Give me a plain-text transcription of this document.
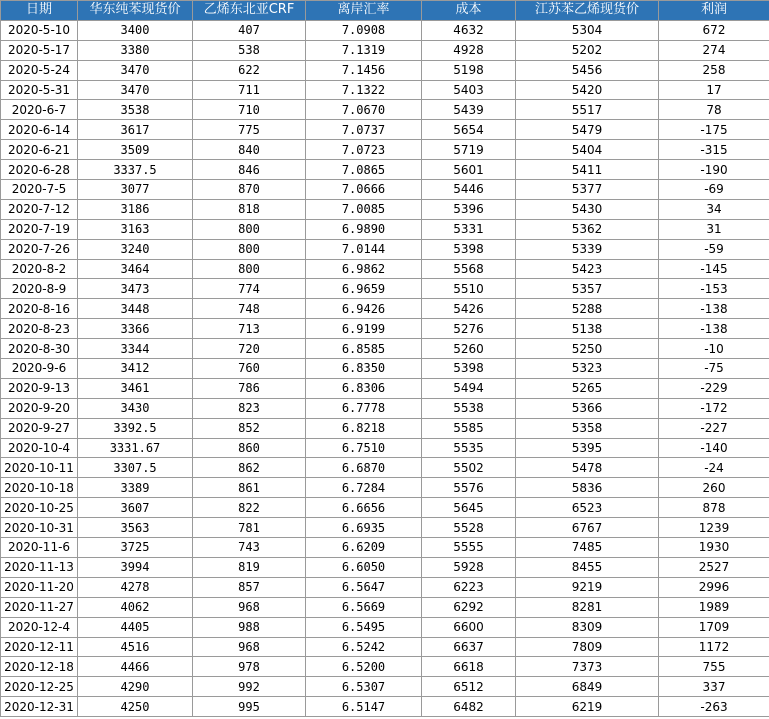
日期	华东纯苯现货价	乙烯东北亚CRF	离岸汇率	成本	江苏苯乙烯现货价	利润
2020-5-10	3400	407	7.0908	4632	5304	672
2020-5-17	3380	538	7.1319	4928	5202	274
2020-5-24	3470	622	7.1456	5198	5456	258
2020-5-31	3470	711	7.1322	5403	5420	17
2020-6-7	3538	710	7.0670	5439	5517	78
2020-6-14	3617	775	7.0737	5654	5479	-175
2020-6-21	3509	840	7.0723	5719	5404	-315
2020-6-28	3337.5	846	7.0865	5601	5411	-190
2020-7-5	3077	870	7.0666	5446	5377	-69
2020-7-12	3186	818	7.0085	5396	5430	34
2020-7-19	3163	800	6.9890	5331	5362	31
2020-7-26	3240	800	7.0144	5398	5339	-59
2020-8-2	3464	800	6.9862	5568	5423	-145
2020-8-9	3473	774	6.9659	5510	5357	-153
2020-8-16	3448	748	6.9426	5426	5288	-138
2020-8-23	3366	713	6.9199	5276	5138	-138
2020-8-30	3344	720	6.8585	5260	5250	-10
2020-9-6	3412	760	6.8350	5398	5323	-75
2020-9-13	3461	786	6.8306	5494	5265	-229
2020-9-20	3430	823	6.7778	5538	5366	-172
2020-9-27	3392.5	852	6.8218	5585	5358	-227
2020-10-4	3331.67	860	6.7510	5535	5395	-140
2020-10-11	3307.5	862	6.6870	5502	5478	-24
2020-10-18	3389	861	6.7284	5576	5836	260
2020-10-25	3607	822	6.6656	5645	6523	878
2020-10-31	3563	781	6.6935	5528	6767	1239
2020-11-6	3725	743	6.6209	5555	7485	1930
2020-11-13	3994	819	6.6050	5928	8455	2527
2020-11-20	4278	857	6.5647	6223	9219	2996
2020-11-27	4062	968	6.5669	6292	8281	1989
2020-12-4	4405	988	6.5495	6600	8309	1709
2020-12-11	4516	968	6.5242	6637	7809	1172
2020-12-18	4466	978	6.5200	6618	7373	755
2020-12-25	4290	992	6.5307	6512	6849	337
2020-12-31	4250	995	6.5147	6482	6219	-263
